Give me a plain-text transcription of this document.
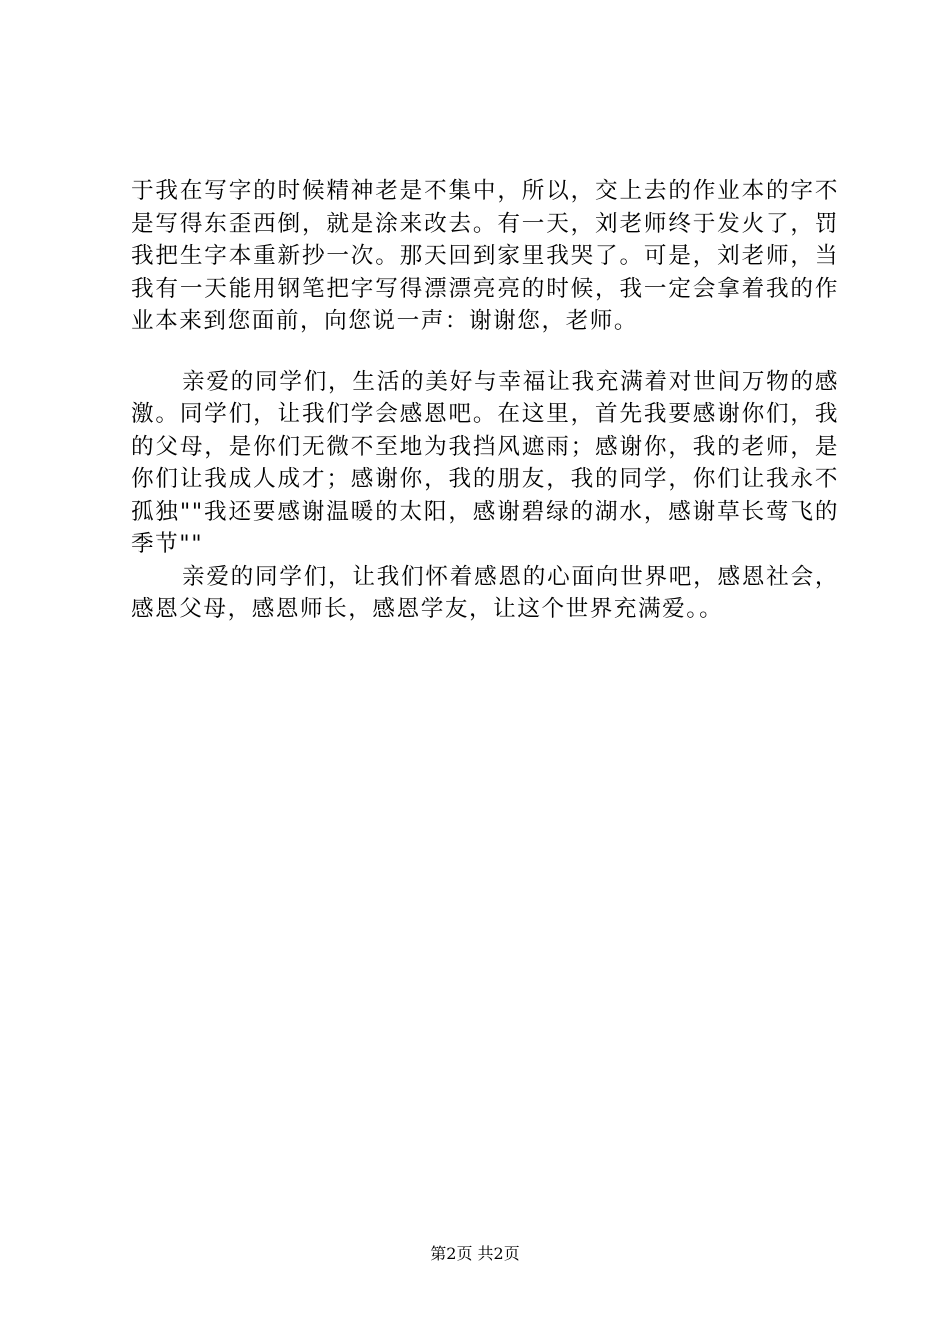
于我在写字的时候精神老是不集中，所以，交上去的作业本的字不是写得东歪西倒，就是涂来改去。有一天，刘老师终于发火了，罚我把生字本重新抄一次。那天回到家里我哭了。可是，刘老师，当我有一天能用钢笔把字写得漂漂亮亮的时候，我一定会拿着我的作业本来到您面前，向您说一声：谢谢您，老师。

亲爱的同学们，生活的美好与幸福让我充满着对世间万物的感激。同学们，让我们学会感恩吧。在这里，首先我要感谢你们，我的父母，是你们无微不至地为我挡风遮雨；感谢你，我的老师，是你们让我成人成才；感谢你，我的朋友，我的同学，你们让我永不孤独""我还要感谢温暖的太阳，感谢碧绿的湖水，感谢草长莺飞的季节""

亲爱的同学们，让我们怀着感恩的心面向世界吧，感恩社会，感恩父母，感恩师长，感恩学友，让这个世界充满爱。。

第2页 共2页
